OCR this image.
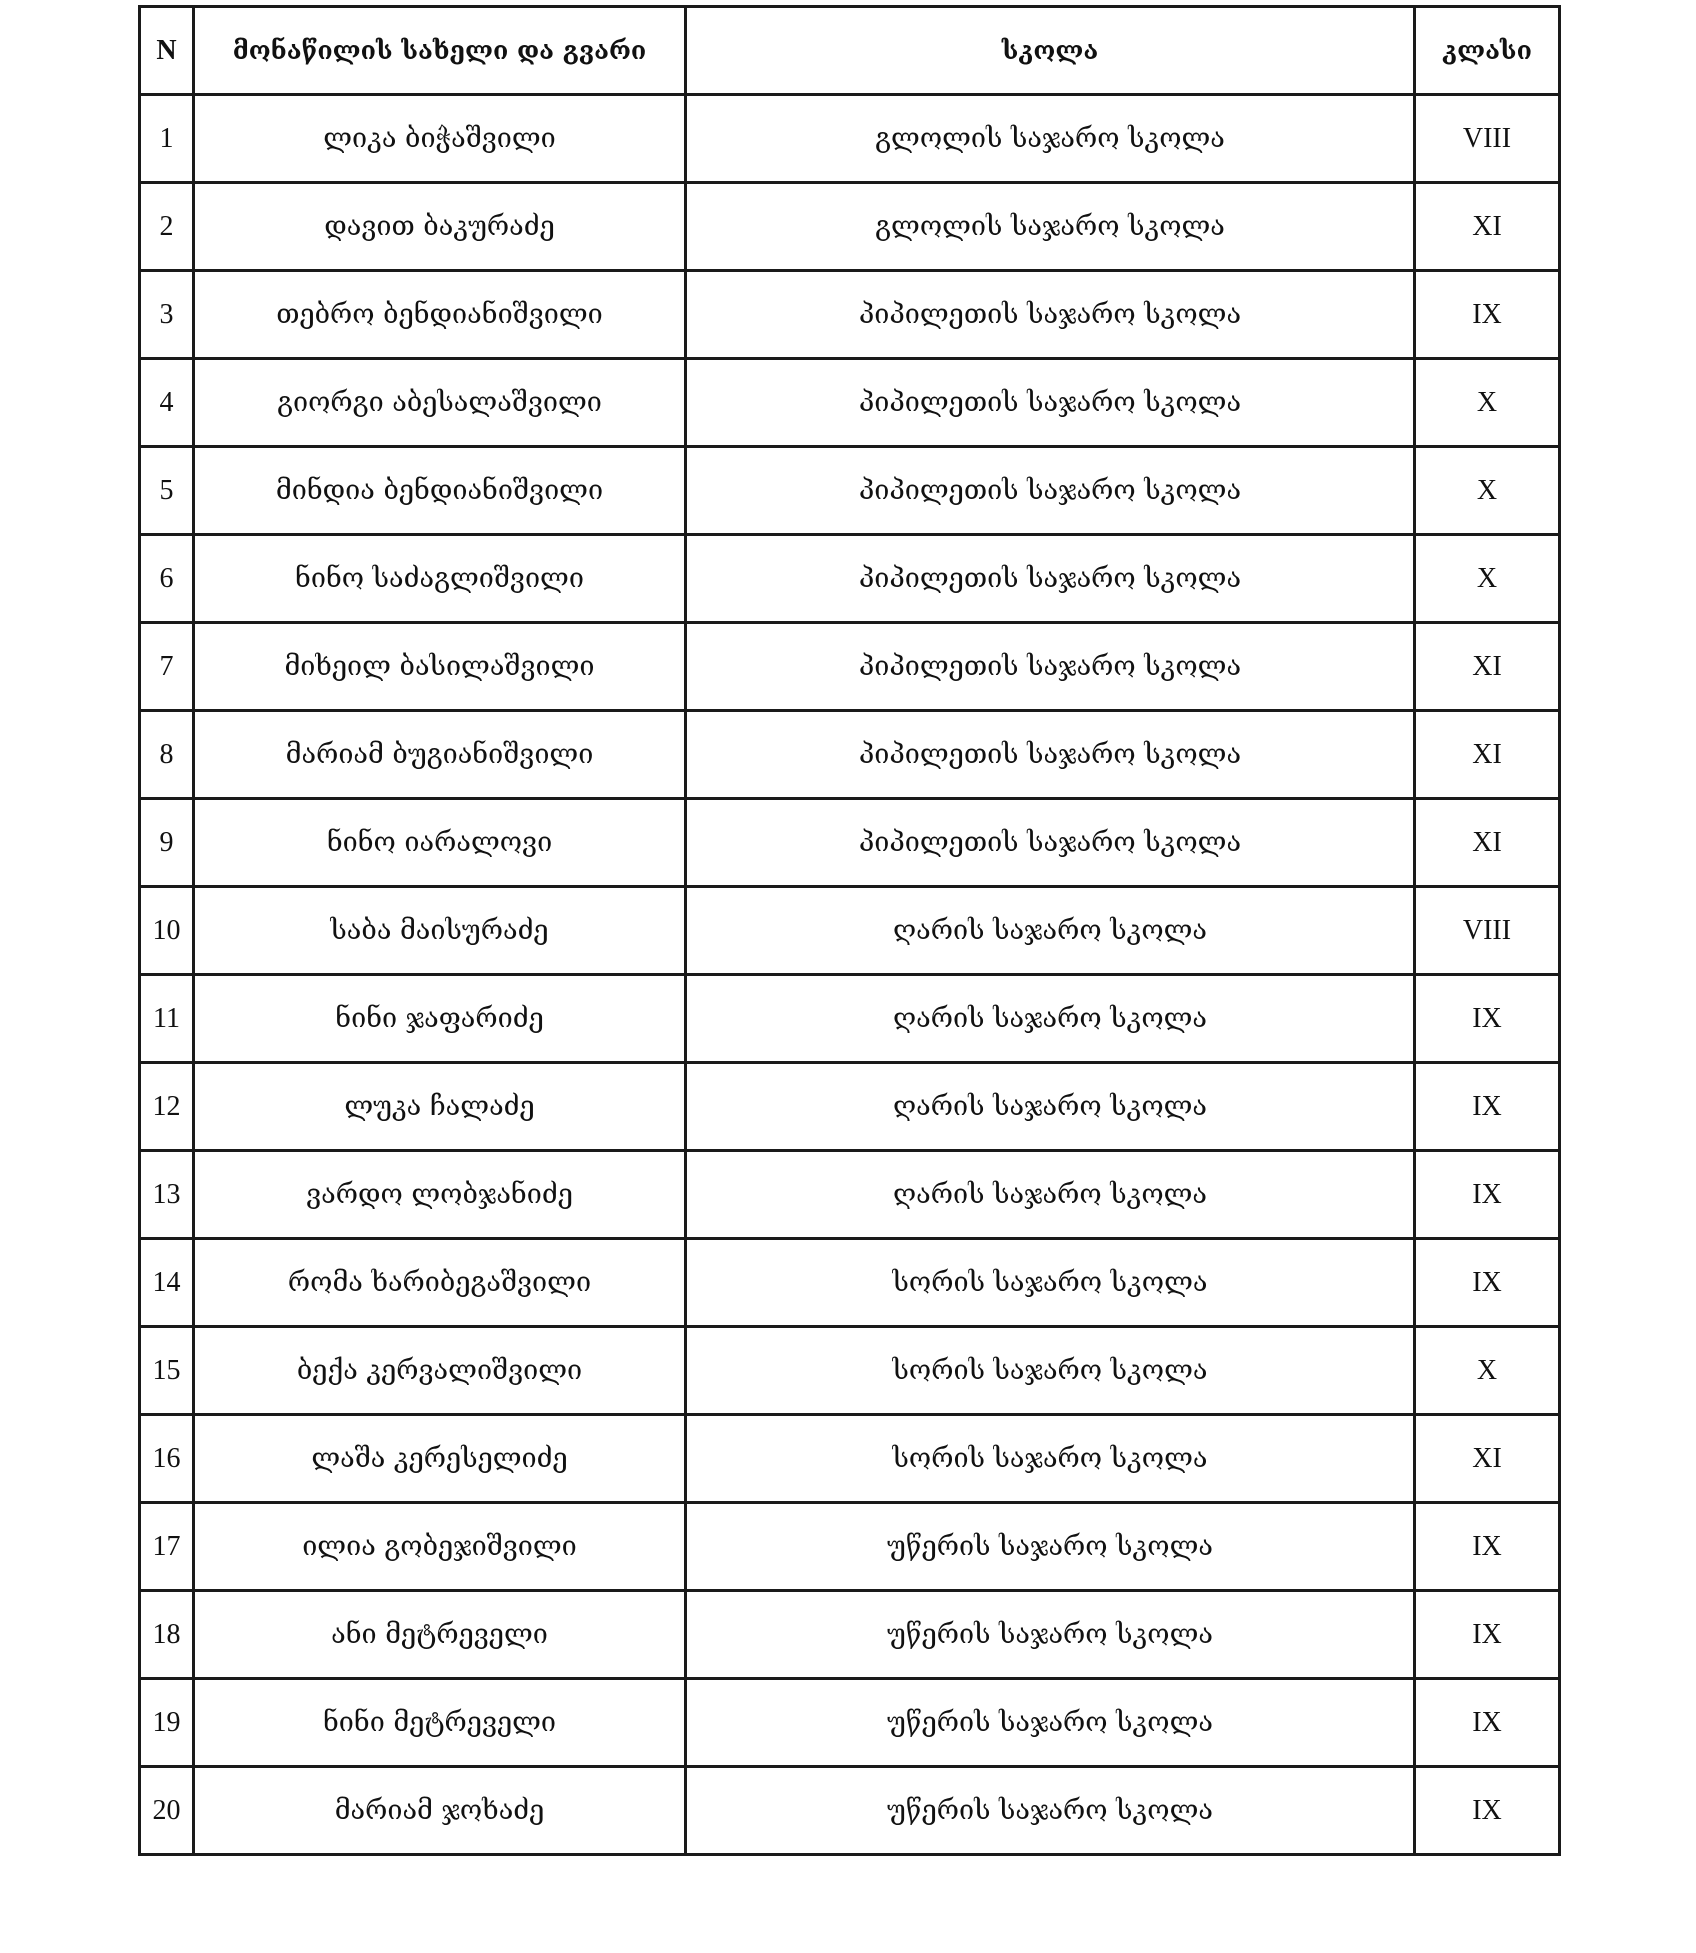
N	მონაწილის სახელი და გვარი	სკოლა	კლასი
1	ლიკა ბიჭაშვილი	გლოლის საჯარო სკოლა	VIII
2	დავით ბაკურაძე	გლოლის საჯარო სკოლა	XI
3	თებრო ბენდიანიშვილი	პიპილეთის საჯარო სკოლა	IX
4	გიორგი აბესალაშვილი	პიპილეთის საჯარო სკოლა	X
5	მინდია ბენდიანიშვილი	პიპილეთის საჯარო სკოლა	X
6	ნინო საძაგლიშვილი	პიპილეთის საჯარო სკოლა	X
7	მიხეილ ბასილაშვილი	პიპილეთის საჯარო სკოლა	XI
8	მარიამ ბუგიანიშვილი	პიპილეთის საჯარო სკოლა	XI
9	ნინო იარალოვი	პიპილეთის საჯარო სკოლა	XI
10	საბა მაისურაძე	ღარის საჯარო სკოლა	VIII
11	ნინი ჯაფარიძე	ღარის საჯარო სკოლა	IX
12	ლუკა ჩალაძე	ღარის საჯარო სკოლა	IX
13	ვარდო ლობჯანიძე	ღარის საჯარო სკოლა	IX
14	რომა ხარიბეგაშვილი	სორის საჯარო სკოლა	IX
15	ბექა კერვალიშვილი	სორის საჯარო სკოლა	X
16	ლაშა კერესელიძე	სორის საჯარო სკოლა	XI
17	ილია გობეჯიშვილი	უწერის საჯარო სკოლა	IX
18	ანი მეტრეველი	უწერის საჯარო სკოლა	IX
19	ნინი მეტრეველი	უწერის საჯარო სკოლა	IX
20	მარიამ ჯოხაძე	უწერის საჯარო სკოლა	IX
